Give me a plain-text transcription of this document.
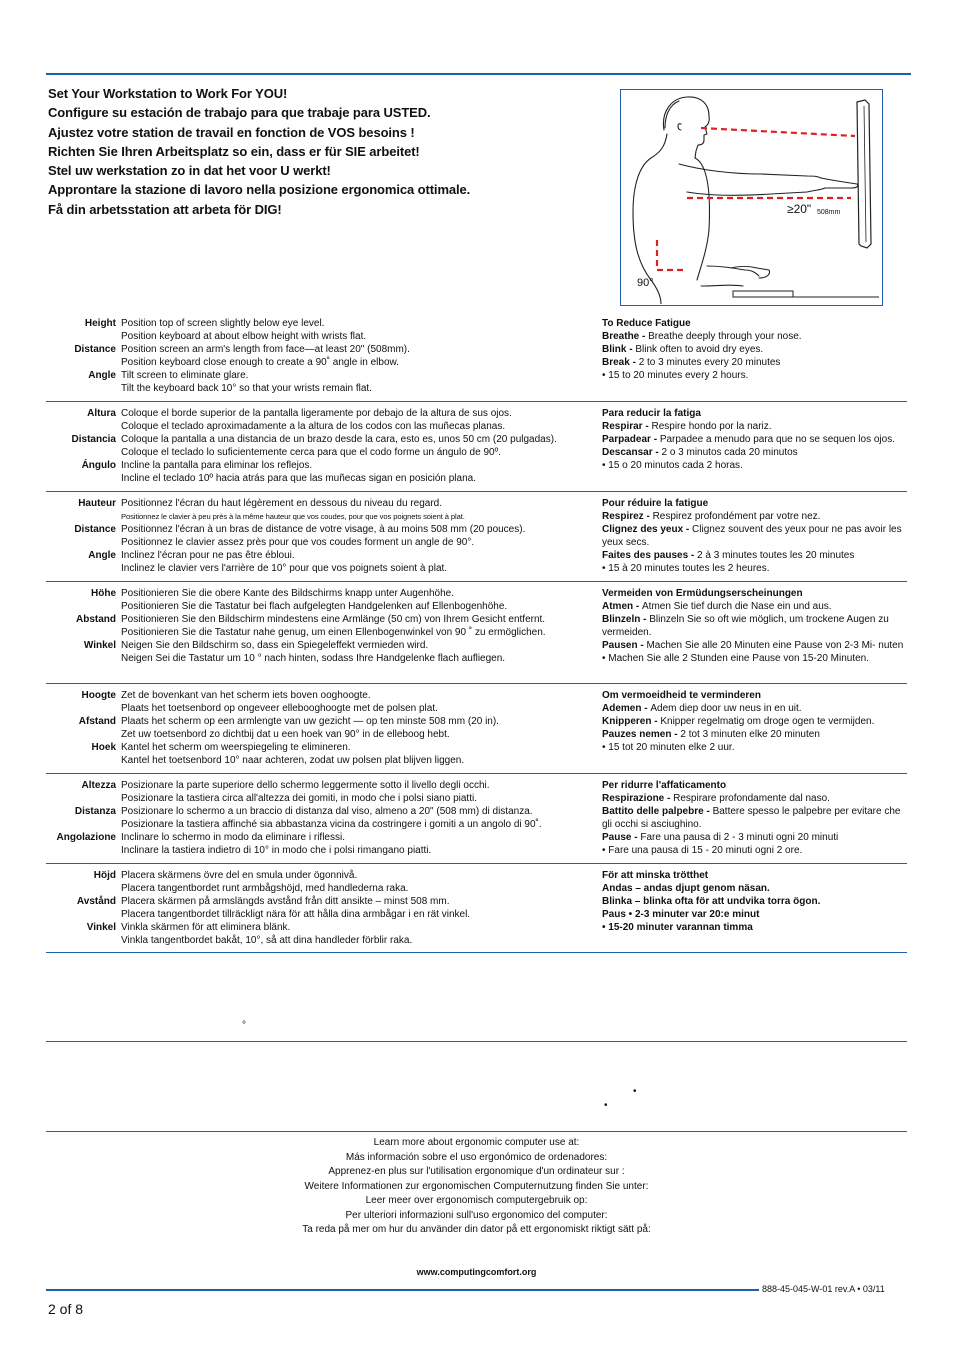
Set Your Workstation to Work For YOU!
Configure su estación de trabajo para que trabaje para USTED.
Ajustez votre station de travail en fonction de VOS besoins !
Richten Sie Ihren Arbeitsplatz so ein, dass er für SIE arbeitet!
Stel uw werkstation zo in dat het voor U werkt!
Approntare la stazione di lavoro nella posizione ergonomica ottimale.
Få din arbetsstation att arbeta för DIG!	≥20" 508mm
90°
Height Position top of screen slightly below eye level.
Position keyboard at about elbow height with wrists flat.
Distance Position screen an arm's length from face—at least 20" (508mm).
Position keyboard close enough to create a 90˚ angle in elbow.
Angle Tilt screen to eliminate glare.
Tilt the keyboard back 10° so that your wrists remain flat.
To Reduce Fatigue
Breathe - Breathe deeply through your nose.
Blink - Blink often to avoid dry eyes.
Break - 2 to 3 minutes every 20 minutes
• 15 to 20 minutes every 2 hours.
Altura Coloque el borde superior de la pantalla ligeramente por debajo de la altura de sus ojos.
Coloque el teclado aproximadamente a la altura de los codos con las muñecas planas.
Distancia Coloque la pantalla a una distancia de un brazo desde la cara, esto es, unos 50 cm (20 pulgadas).
Coloque el teclado lo suficientemente cerca para que el codo forme un ángulo de 90º.
Ángulo Incline la pantalla para eliminar los reflejos.
Incline el teclado 10º hacia atrás para que las muñecas sigan en posición plana.
Para reducir la fatiga
Respirar - Respire hondo por la nariz.
Parpadear - Parpadee a menudo para que no se sequen los ojos.
Descansar - 2 o 3 minutos cada 20 minutos
• 15 o 20 minutos cada 2 horas.
Hauteur Positionnez l'écran du haut légèrement en dessous du niveau du regard.
Positionnez le clavier à peu près à la même hauteur que vos coudes, pour que vos poignets soient à plat.
Distance Positionnez l'écran à un bras de distance de votre visage, à au moins 508 mm (20 pouces).
Positionnez le clavier assez près pour que vos coudes forment un angle de 90°.
Angle Inclinez l'écran pour ne pas être ébloui.
Inclinez le clavier vers l'arrière de 10° pour que vos poignets soient à plat.
Pour réduire la fatigue
Respirez - Respirez profondément par votre nez.
Clignez des yeux - Clignez souvent des yeux pour ne pas avoir les yeux secs.
Faites des pauses - 2 à 3 minutes toutes les 20 minutes
• 15 à 20 minutes toutes les 2 heures.
Höhe Positionieren Sie die obere Kante des Bildschirms knapp unter Augenhöhe.
Positionieren Sie die Tastatur bei flach aufgelegten Handgelenken auf Ellenbogenhöhe.
Abstand Positionieren Sie den Bildschirm mindestens eine Armlänge (50 cm) von Ihrem Gesicht entfernt.
Positionieren Sie die Tastatur nahe genug, um einen Ellenbogenwinkel von 90 ˚ zu ermöglichen.
Winkel Neigen Sie den Bildschirm so, dass ein Spiegeleffekt vermieden wird.
Neigen Sei die Tastatur um 10 ° nach hinten, sodass Ihre Handgelenke flach aufliegen.
Vermeiden von Ermüdungserscheinungen
Atmen - Atmen Sie tief durch die Nase ein und aus.
Blinzeln - Blinzeln Sie so oft wie möglich, um trockene Augen zu vermeiden.
Pausen - Machen Sie alle 20 Minuten eine Pause von 2-3 Mi- nuten
• Machen Sie alle 2 Stunden eine Pause von 15-20 Minuten.
Hoogte Zet de bovenkant van het scherm iets boven ooghoogte.
Plaats het toetsenbord op ongeveer ellebooghoogte met de polsen plat.
Afstand Plaats het scherm op een armlengte van uw gezicht — op ten minste 508 mm (20 in).
Zet uw toetsenbord zo dichtbij dat u een hoek van 90° in de elleboog hebt.
Hoek Kantel het scherm om weerspiegeling te elimineren.
Kantel het toetsenbord 10° naar achteren, zodat uw polsen plat blijven liggen.
Om vermoeidheid te verminderen
Ademen - Adem diep door uw neus in en uit.
Knipperen - Knipper regelmatig om droge ogen te vermijden.
Pauzes nemen - 2 tot 3 minuten elke 20 minuten
• 15 tot 20 minuten elke 2 uur.
Altezza Posizionare la parte superiore dello schermo leggermente sotto il livello degli occhi.
Posizionare la tastiera circa all'altezza dei gomiti, in modo che i polsi siano piatti.
Distanza Posizionare lo schermo a un braccio di distanza dal viso, almeno a 20" (508 mm) di distanza.
Posizionare la tastiera affinché sia abbastanza vicina da costringere i gomiti a un angolo di 90˚.
Angolazione Inclinare lo schermo in modo da eliminare i riflessi.
Inclinare la tastiera indietro di 10° in modo che i polsi rimangano piatti.
Per ridurre l'affaticamento
Respirazione - Respirare profondamente dal naso.
Battito delle palpebre - Battere spesso le palpebre per evitare che gli occhi si asciughino.
Pause - Fare una pausa di 2 - 3 minuti ogni 20 minuti
• Fare una pausa di 15 - 20 minuti ogni 2 ore.
Höjd Placera skärmens övre del en smula under ögonnivå.
Placera tangentbordet runt armbågshöjd, med handlederna raka.
Avstånd Placera skärmen på armslängds avstånd från ditt ansikte – minst 508 mm.
Placera tangentbordet tillräckligt nära för att hålla dina armbågar i en rät vinkel.
Vinkel Vinkla skärmen för att eliminera blänk.
Vinkla tangentbordet bakåt, 10°, så att dina handleder förblir raka.
För att minska trötthet
Andas – andas djupt genom näsan.
Blinka – blinka ofta för att undvika torra ögon.
Paus • 2-3 minuter var 20:e minut
• 15-20 minuter varannan timma
°
•
•
Learn more about ergonomic computer use at:
Más información sobre el uso ergonómico de ordenadores:
Apprenez-en plus sur l'utilisation ergonomique d'un ordinateur sur :
Weitere Informationen zur ergonomischen Computernutzung finden Sie unter:
Leer meer over ergonomisch computergebruik op:
Per ulteriori informazioni sull'uso ergonomico del computer:
Ta reda på mer om hur du använder din dator på ett ergonomiskt riktigt sätt på:
www.computingcomfort.org
888-45-045-W-01 rev.A • 03/11
2 of 8
